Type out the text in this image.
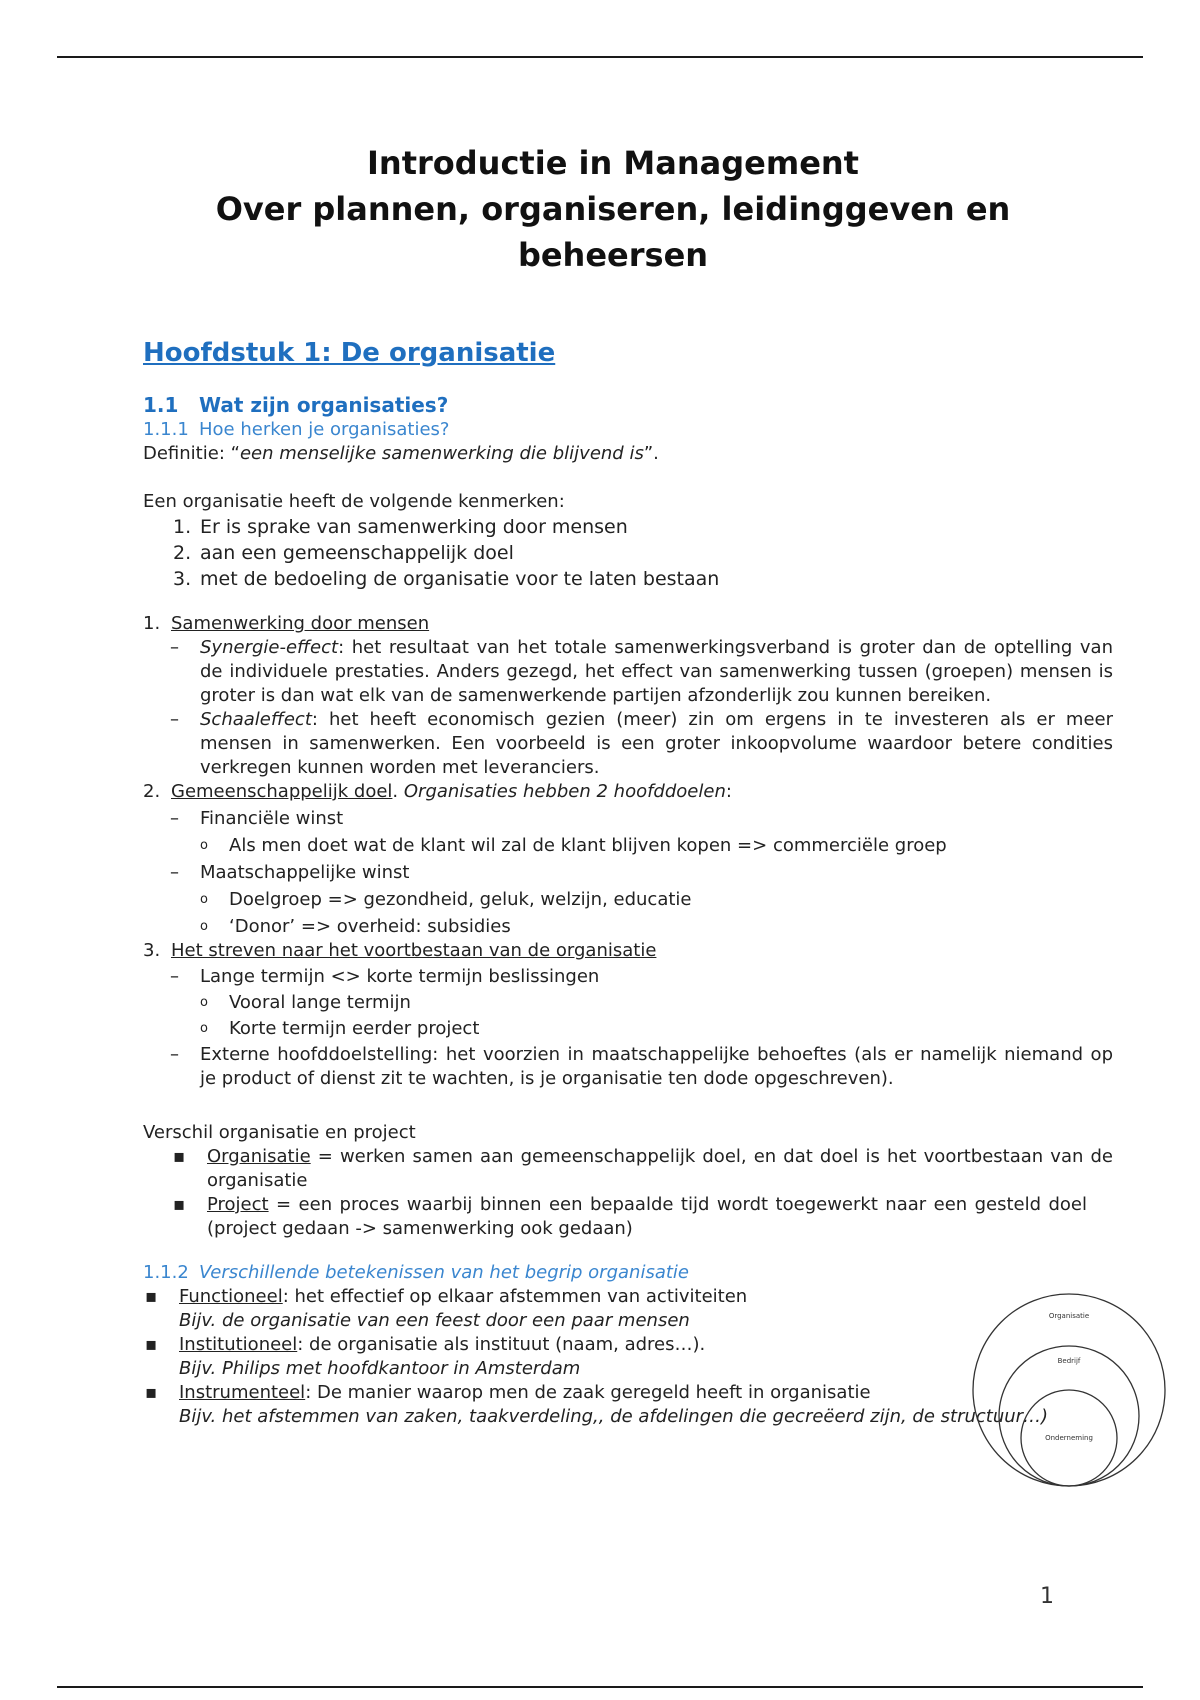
Introductie in Management
Over plannen, organiseren, leidinggeven en
beheersen
Hoofdstuk 1: De organisatie
1.1 Wat zijn organisaties?
1.1.1 Hoe herken je organisaties?

Definitie: “een menselijke samenwerking die blijvend is”.

Een organisatie heeft de volgende kenmerken:

1. Er is sprake van samenwerking door mensen
2. aan een gemeenschappelijk doel
3. met de bedoeling de organisatie voor te laten bestaan
1. Samenwerking door mensen
– Synergie-effect: het resultaat van het totale samenwerkingsverband is groter dan de optelling van de individuele prestaties. Anders gezegd, het effect van samenwerking tussen (groepen) mensen is groter is dan wat elk van de samenwerkende partijen afzonderlijk zou kunnen bereiken.
– Schaaleffect: het heeft economisch gezien (meer) zin om ergens in te investeren als er meer mensen in samenwerken. Een voorbeeld is een groter inkoopvolume waardoor betere condities verkregen kunnen worden met leveranciers.
2. Gemeenschappelijk doel. Organisaties hebben 2 hoofddoelen:
– Financiële winst
o Als men doet wat de klant wil zal de klant blijven kopen => commerciële groep
– Maatschappelijke winst
o Doelgroep => gezondheid, geluk, welzijn, educatie
o ‘Donor’ => overheid: subsidies
3. Het streven naar het voortbestaan van de organisatie
– Lange termijn <> korte termijn beslissingen
o Vooral lange termijn
o Korte termijn eerder project
– Externe hoofddoelstelling: het voorzien in maatschappelijke behoeftes (als er namelijk niemand op je product of dienst zit te wachten, is je organisatie ten dode opgeschreven).

Verschil organisatie en project

▪ Organisatie = werken samen aan gemeenschappelijk doel, en dat doel is het voortbestaan van de organisatie
▪ Project = een proces waarbij binnen een bepaalde tijd wordt toegewerkt naar een gesteld doel (project gedaan -> samenwerking ook gedaan)
1.1.2 Verschillende betekenissen van het begrip organisatie
▪ Functioneel: het effectief op elkaar afstemmen van activiteiten
Bijv. de organisatie van een feest door een paar mensen
▪ Institutioneel: de organisatie als instituut (naam, adres…).
Bijv. Philips met hoofdkantoor in Amsterdam
▪ Instrumenteel: De manier waarop men de zaak geregeld heeft in organisatie
Bijv. het afstemmen van zaken, taakverdeling,, de afdelingen die gecreëerd zijn, de structuur…)
Organisatie
Bedrijf
Onderneming
1
